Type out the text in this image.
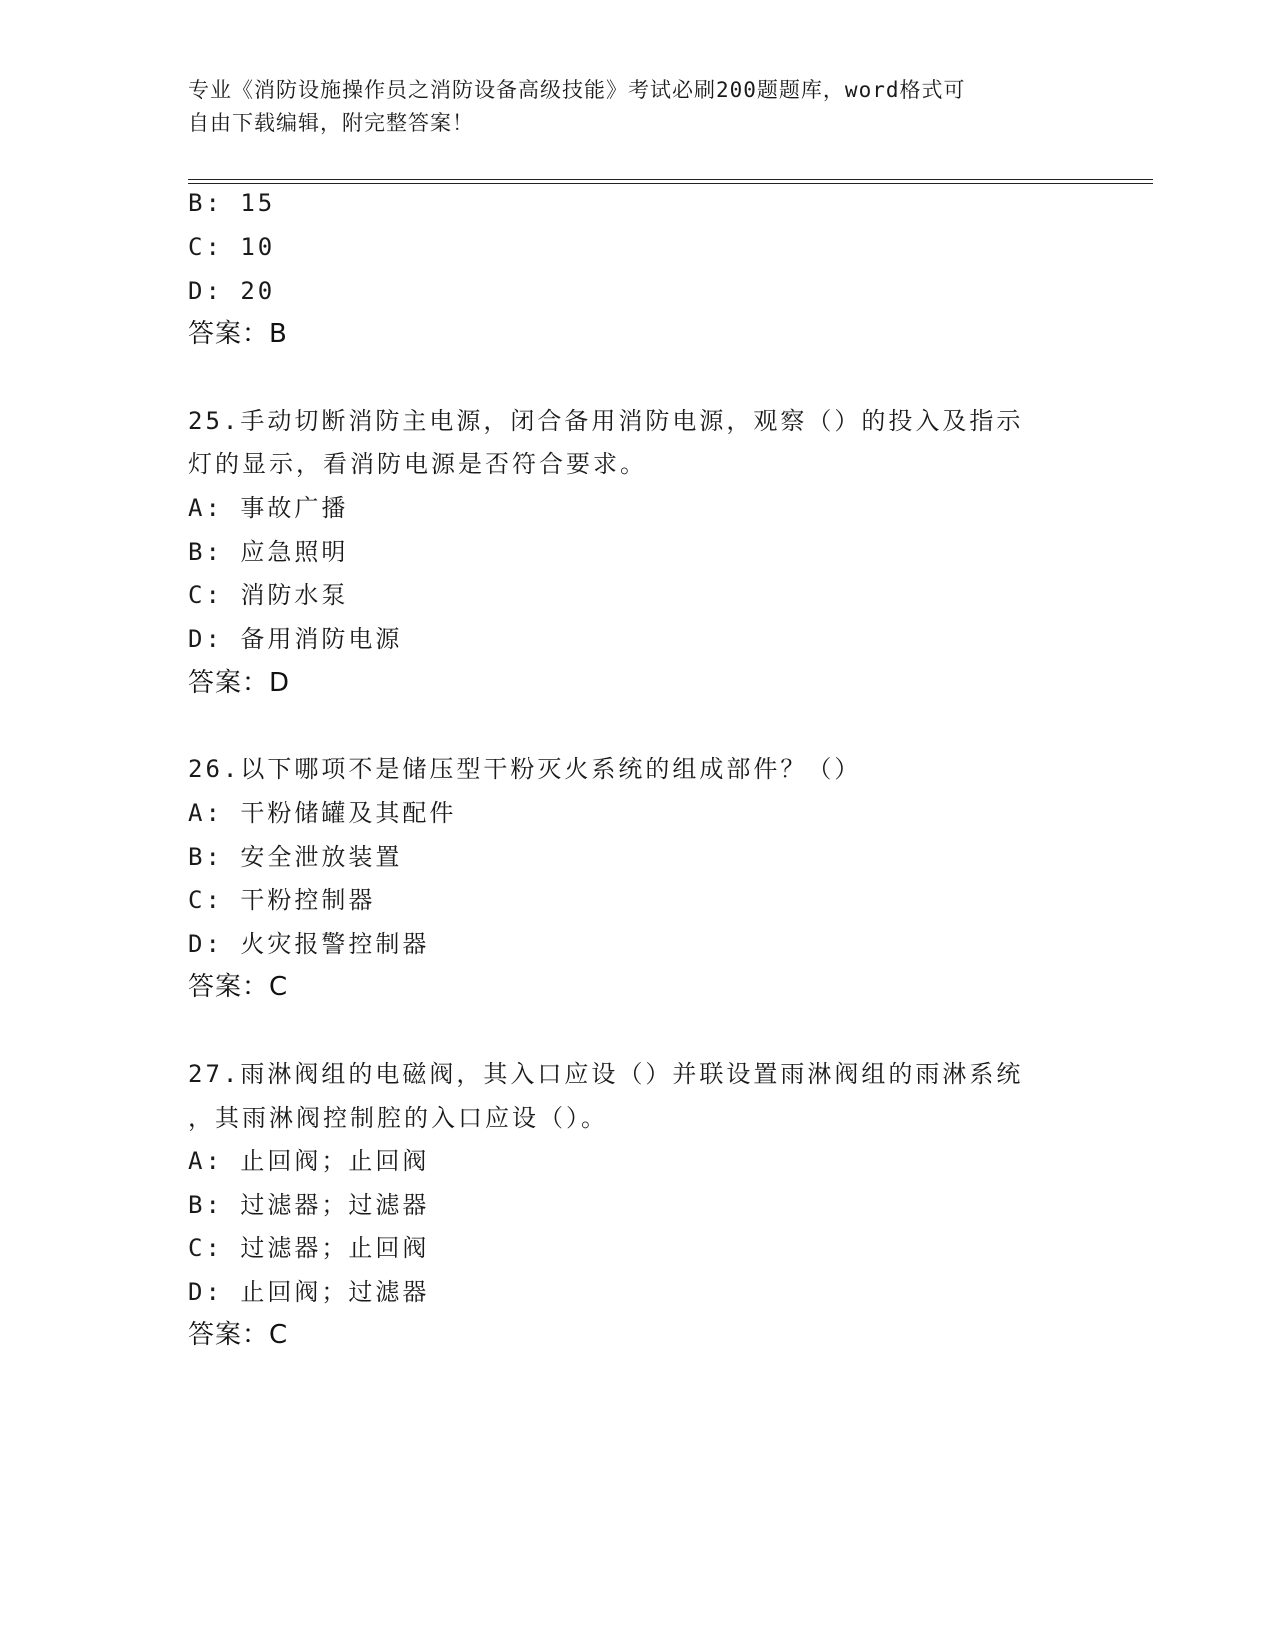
专业《消防设施操作员之消防设备高级技能》考试必刷200题题库，word格式可
自由下载编辑，附完整答案！
B: 15
C: 10
D: 20
答案：B
25.手动切断消防主电源，闭合备用消防电源，观察（）的投入及指示
灯的显示，看消防电源是否符合要求。
A: 事故广播
B: 应急照明
C: 消防水泵
D: 备用消防电源
答案：D
26.以下哪项不是储压型干粉灭火系统的组成部件？（）
A: 干粉储罐及其配件
B: 安全泄放装置
C: 干粉控制器
D: 火灾报警控制器
答案：C
27.雨淋阀组的电磁阀，其入口应设（）并联设置雨淋阀组的雨淋系统
，其雨淋阀控制腔的入口应设（）。
A: 止回阀；止回阀
B: 过滤器；过滤器
C: 过滤器；止回阀
D: 止回阀；过滤器
答案：C
